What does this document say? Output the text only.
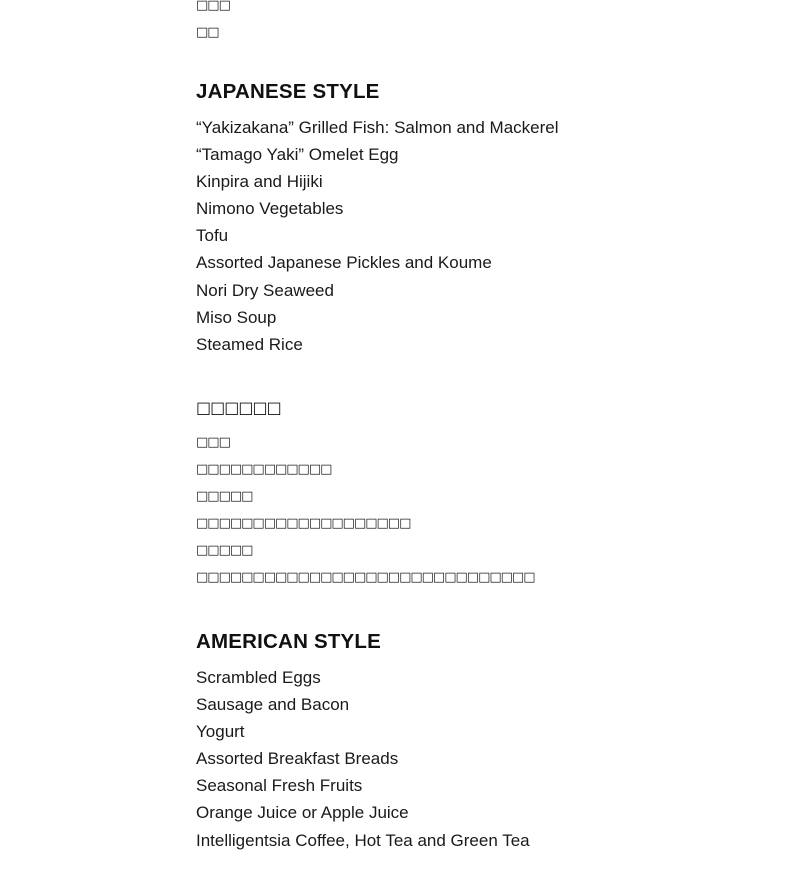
□□□
□□
JAPANESE STYLE
“Yakizakana” Grilled Fish: Salmon and Mackerel
“Tamago Yaki” Omelet Egg
Kinpira and Hijiki
Nimono Vegetables
Tofu
Assorted Japanese Pickles and Koume
Nori Dry Seaweed
Miso Soup
Steamed Rice
□□□□□□
□□□
□□□□□□□□□□□□
□□□□□
□□□□□□□□□□□□□□□□□□□
□□□□□
□□□□□□□□□□□□□□□□□□□□□□□□□□□□□□
AMERICAN STYLE
Scrambled Eggs
Sausage and Bacon
Yogurt
Assorted Breakfast Breads
Seasonal Fresh Fruits
Orange Juice or Apple Juice
Intelligentsia Coffee, Hot Tea and Green Tea
